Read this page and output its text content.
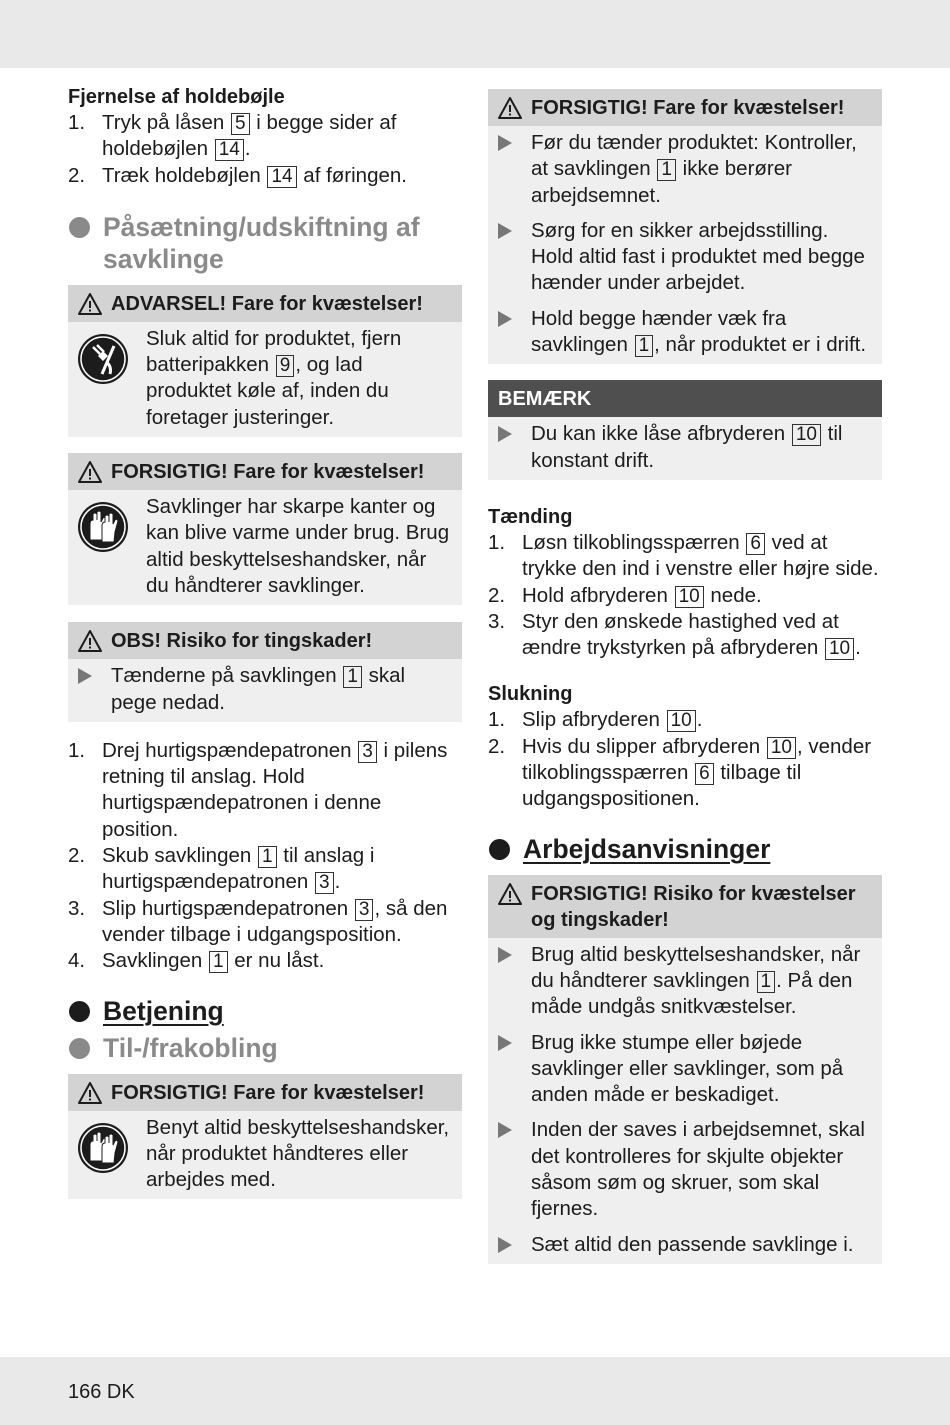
Fjernelse af holdebøjle
1. Tryk på låsen 5 i begge sider af holdebøjlen 14 .
2. Træk holdebøjlen 14 af føringen.
Påsætning/udskiftning af savklinge
ADVARSEL! Fare for kvæstelser!
Sluk altid for produktet, fjern batteripakken 9 , og lad produktet køle af, inden du foretager justeringer.
FORSIGTIG! Fare for kvæstelser!
Savklinger har skarpe kanter og kan blive varme under brug. Brug altid beskyttelseshandsker, når du håndterer savklinger.
OBS! Risiko for tingskader!
Tænderne på savklingen 1 skal pege nedad.
1. Drej hurtigspændepatronen 3 i pilens retning til anslag. Hold hurtigspændepatronen i denne position.
2. Skub savklingen 1 til anslag i hurtigspændepatronen 3 .
3. Slip hurtigspændepatronen 3 , så den vender tilbage i udgangsposition.
4. Savklingen 1 er nu låst.
Betjening
Til-/frakobling
FORSIGTIG! Fare for kvæstelser!
Benyt altid beskyttelseshandsker, når produktet håndteres eller arbejdes med.
FORSIGTIG! Fare for kvæstelser!
Før du tænder produktet: Kontroller, at savklingen 1 ikke berører arbejdsemnet.
Sørg for en sikker arbejdsstilling. Hold altid fast i produktet med begge hænder under arbejdet.
Hold begge hænder væk fra savklingen 1 , når produktet er i drift.
BEMÆRK
Du kan ikke låse afbryderen 10 til konstant drift.
Tænding
1. Løsn tilkoblingsspærren 6 ved at trykke den ind i venstre eller højre side.
2. Hold afbryderen 10 nede.
3. Styr den ønskede hastighed ved at ændre trykstyrken på afbryderen 10 .
Slukning
1. Slip afbryderen 10 .
2. Hvis du slipper afbryderen 10 , vender tilkoblingsspærren 6 tilbage til udgangspositionen.
Arbejdsanvisninger
FORSIGTIG! Risiko for kvæstelser og tingskader!
Brug altid beskyttelseshandsker, når du håndterer savklingen 1 . På den måde undgås snitkvæstelser.
Brug ikke stumpe eller bøjede savklinger eller savklinger, som på anden måde er beskadiget.
Inden der saves i arbejdsemnet, skal det kontrolleres for skjulte objekter såsom søm og skruer, som skal fjernes.
Sæt altid den passende savklinge i.
166 DK
